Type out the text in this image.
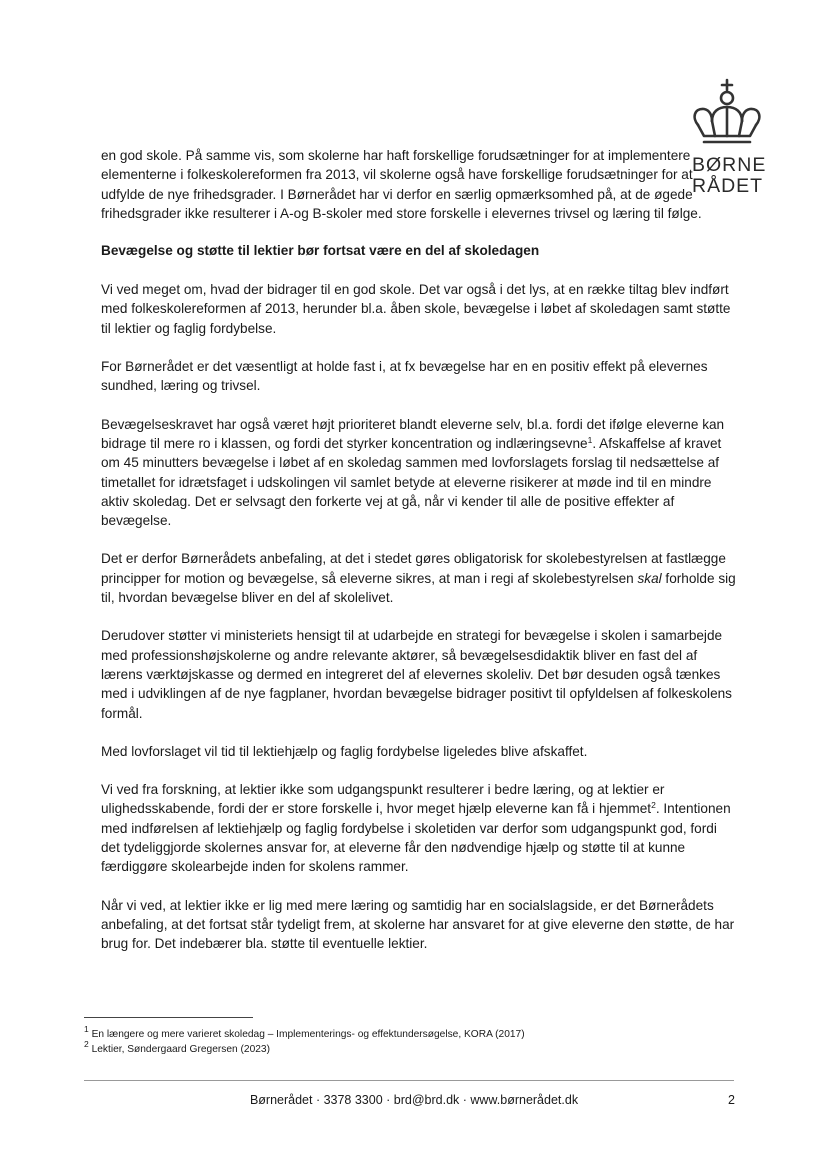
BØRNE
RÅDET

en god skole. På samme vis, som skolerne har haft forskellige forudsætninger for at implementere elementerne i folkeskolereformen fra 2013, vil skolerne også have forskellige forudsætninger for at udfylde de nye frihedsgrader. I Børnerådet har vi derfor en særlig opmærksomhed på, at de øgede frihedsgrader ikke resulterer i A-og B-skoler med store forskelle i elevernes trivsel og læring til følge.

Bevægelse og støtte til lektier bør fortsat være en del af skoledagen

Vi ved meget om, hvad der bidrager til en god skole. Det var også i det lys, at en række tiltag blev indført med folkeskolereformen af 2013, herunder bl.a. åben skole, bevægelse i løbet af skoledagen samt støtte til lektier og faglig fordybelse.

For Børnerådet er det væsentligt at holde fast i, at fx bevægelse har en en positiv effekt på elevernes sundhed, læring og trivsel.

Bevægelseskravet har også været højt prioriteret blandt eleverne selv, bl.a. fordi det ifølge eleverne kan bidrage til mere ro i klassen, og fordi det styrker koncentration og indlæringsevne$^1$. Afskaffelse af kravet om 45 minutters bevægelse i løbet af en skoledag sammen med lovforslagets forslag til nedsættelse af timetallet for idrætsfaget i udskolingen vil samlet betyde at eleverne risikerer at møde ind til en mindre aktiv skoledag. Det er selvsagt den forkerte vej at gå, når vi kender til alle de positive effekter af bevægelse.

Det er derfor Børnerådets anbefaling, at det i stedet gøres obligatorisk for skolebestyrelsen at fastlægge principper for motion og bevægelse, så eleverne sikres, at man i regi af skolebestyrelsen skal forholde sig til, hvordan bevægelse bliver en del af skolelivet.

Derudover støtter vi ministeriets hensigt til at udarbejde en strategi for bevægelse i skolen i samarbejde med professionshøjskolerne og andre relevante aktører, så bevægelsesdidaktik bliver en fast del af lærens værktøjskasse og dermed en integreret del af elevernes skoleliv. Det bør desuden også tænkes med i udviklingen af de nye fagplaner, hvordan bevægelse bidrager positivt til opfyldelsen af folkeskolens formål.

Med lovforslaget vil tid til lektiehjælp og faglig fordybelse ligeledes blive afskaffet.

Vi ved fra forskning, at lektier ikke som udgangspunkt resulterer i bedre læring, og at lektier er ulighedsskabende, fordi der er store forskelle i, hvor meget hjælp eleverne kan få i hjemmet$^2$. Intentionen med indførelsen af lektiehjælp og faglig fordybelse i skoletiden var derfor som udgangspunkt god, fordi det tydeliggjorde skolernes ansvar for, at eleverne får den nødvendige hjælp og støtte til at kunne færdiggøre skolearbejde inden for skolens rammer.

Når vi ved, at lektier ikke er lig med mere læring og samtidig har en socialslagside, er det Børnerådets anbefaling, at det fortsat står tydeligt frem, at skolerne har ansvaret for at give eleverne den støtte, de har brug for. Det indebærer bla. støtte til eventuelle lektier.

$^1$ En længere og mere varieret skoledag – Implementerings- og effektundersøgelse, KORA (2017)
$^2$ Lektier, Søndergaard Gregersen (2023)
Børnerådet · 3378 3300 · brd@brd.dk · www.børnerådet.dk	2
